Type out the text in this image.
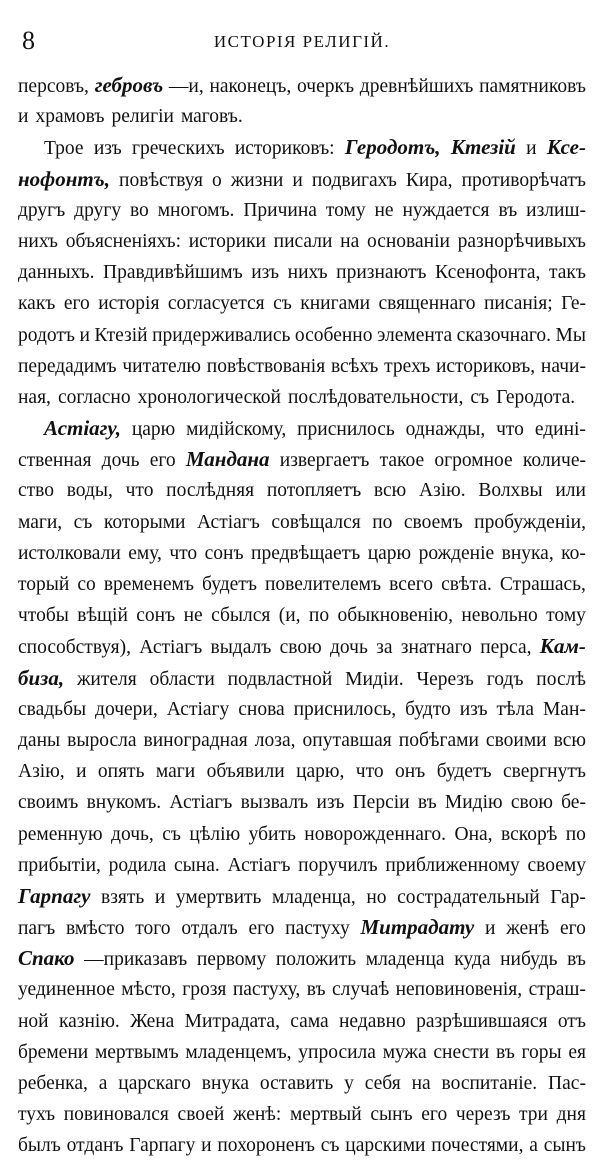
8	ИСТОРІЯ РЕЛИГІЙ.
персовъ, гебровъ —и, наконецъ, очеркъ древнѣйшихъ памятниковъ
и храмовъ религіи маговъ.
Трое изъ греческихъ историковъ: Геродотъ, Ктезій и Ксе-
нофонтъ, повѣствуя о жизни и подвигахъ Кира, противорѣчатъ
другъ другу во многомъ. Причина тому не нуждается въ излиш-
нихъ объясненіяхъ: историки писали на основаніи разнорѣчивыхъ
данныхъ. Правдивѣйшимъ изъ нихъ признаютъ Ксенофонта, такъ
какъ его исторія согласуется съ книгами священнаго писанія; Ге-
родотъ и Ктезій придерживались особенно элемента сказочнаго. Мы
передадимъ читателю повѣствованія всѣхъ трехъ историковъ, начи-
ная, согласно хронологической послѣдовательности, съ Геродота.
Астіагу, царю мидійскому, приснилось однажды, что едині-
ственная дочь его Мандана извергаетъ такое огромное количе-
ство воды, что послѣдняя потопляетъ всю Азію. Волхвы или
маги, съ которыми Астіагъ совѣщался по своемъ пробужденіи,
истолковали ему, что сонъ предвѣщаетъ царю рожденіе внука, ко-
торый со временемъ будетъ повелителемъ всего свѣта. Страшась,
чтобы вѣщій сонъ не сбылся (и, по обыкновенію, невольно тому
способствуя), Астіагъ выдалъ свою дочь за знатнаго перса, Кам-
биза, жителя области подвластной Мидіи. Черезъ годъ послѣ
свадьбы дочери, Астіагу снова приснилось, будто изъ тѣла Ман-
даны выросла виноградная лоза, опутавшая побѣгами своими всю
Азію, и опять маги объявили царю, что онъ будетъ свергнутъ
своимъ внукомъ. Астіагъ вызвалъ изъ Персіи въ Мидію свою бе-
ременную дочь, съ цѣлію убить новорожденнаго. Она, вскорѣ по
прибытіи, родила сына. Астіагъ поручилъ приближенному своему
Гарпагу взять и умертвить младенца, но сострадательный Гар-
пагъ вмѣсто того отдалъ его пастуху Митрадату и женѣ его
Спако —приказавъ первому положить младенца куда нибудь въ
уединенное мѣсто, грозя пастуху, въ случаѣ неповиновенія, страш-
ной казнію. Жена Митрадата, сама недавно разрѣшившаяся отъ
бремени мертвымъ младенцемъ, упросила мужа снести въ горы ея
ребенка, а царскаго внука оставить у себя на воспитаніе. Пас-
тухъ повиновался своей женѣ: мертвый сынъ его черезъ три дня
былъ отданъ Гарпагу и похороненъ съ царскими почестями, а сынъ
